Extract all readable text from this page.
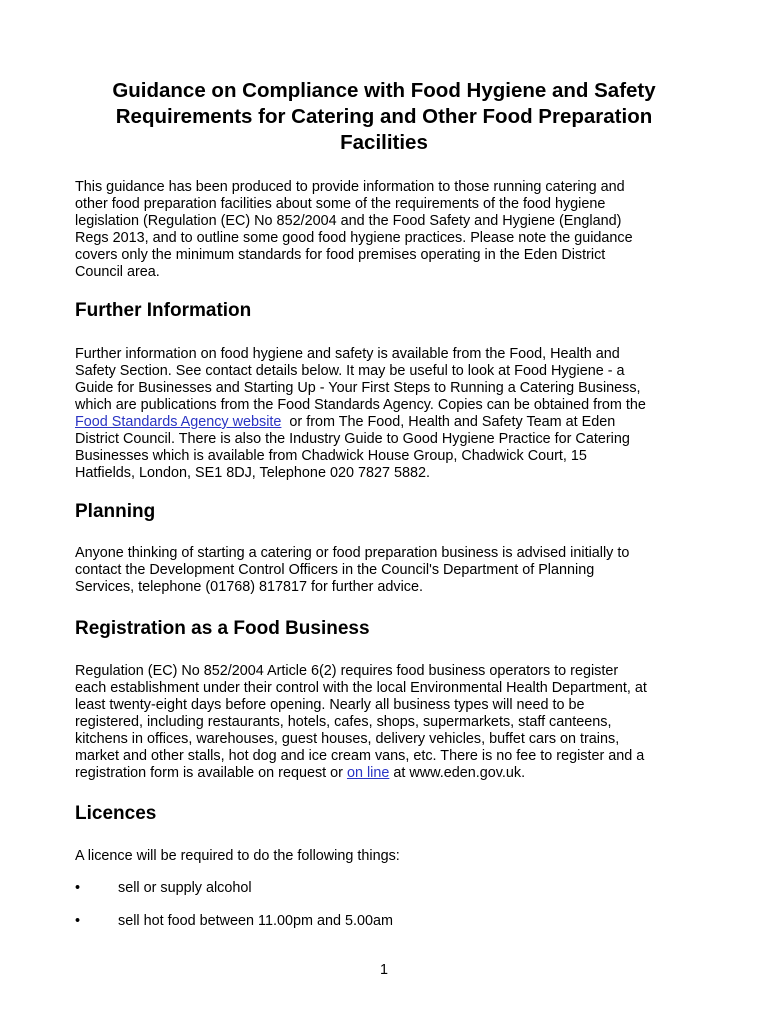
Guidance on Compliance with Food Hygiene and Safety
Requirements for Catering and Other Food Preparation
Facilities
This guidance has been produced to provide information to those running catering and
other food preparation facilities about some of the requirements of the food hygiene
legislation (Regulation (EC) No 852/2004 and the Food Safety and Hygiene (England)
Regs 2013, and to outline some good food hygiene practices. Please note the guidance
covers only the minimum standards for food premises operating in the Eden District
Council area.
Further Information
Further information on food hygiene and safety is available from the Food, Health and
Safety Section. See contact details below. It may be useful to look at Food Hygiene - a
Guide for Businesses and Starting Up - Your First Steps to Running a Catering Business,
which are publications from the Food Standards Agency. Copies can be obtained from the
Food Standards Agency website  or from The Food, Health and Safety Team at Eden
District Council. There is also the Industry Guide to Good Hygiene Practice for Catering
Businesses which is available from Chadwick House Group, Chadwick Court, 15
Hatfields, London, SE1 8DJ, Telephone 020 7827 5882.
Planning
Anyone thinking of starting a catering or food preparation business is advised initially to
contact the Development Control Officers in the Council's Department of Planning
Services, telephone (01768) 817817 for further advice.
Registration as a Food Business
Regulation (EC) No 852/2004 Article 6(2) requires food business operators to register
each establishment under their control with the local Environmental Health Department, at
least twenty-eight days before opening. Nearly all business types will need to be
registered, including restaurants, hotels, cafes, shops, supermarkets, staff canteens,
kitchens in offices, warehouses, guest houses, delivery vehicles, buffet cars on trains,
market and other stalls, hot dog and ice cream vans, etc. There is no fee to register and a
registration form is available on request or on line at www.eden.gov.uk.
Licences
A licence will be required to do the following things:
•	sell or supply alcohol
•	sell hot food between 11.00pm and 5.00am
1
